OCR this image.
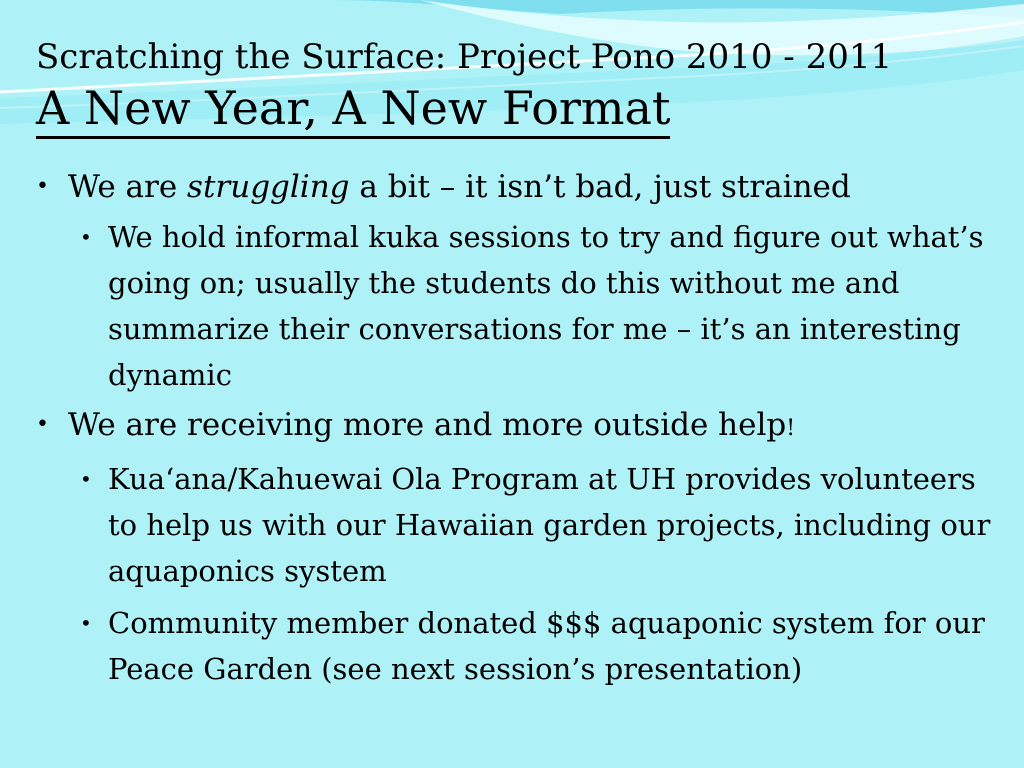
Scratching the Surface: Project Pono 2010 - 2011
A New Year, A New Format
• We are struggling a bit – it isn’t bad, just strained
• We hold informal kuka sessions to try and figure out what’s going on; usually the students do this without me and summarize their conversations for me – it’s an interesting dynamic
• We are receiving more and more outside help!
• Kua‘ana/Kahuewai Ola Program at UH provides volunteers to help us with our Hawaiian garden projects, including our aquaponics system
• Community member donated $$$ aquaponic system for our Peace Garden (see next session’s presentation)
